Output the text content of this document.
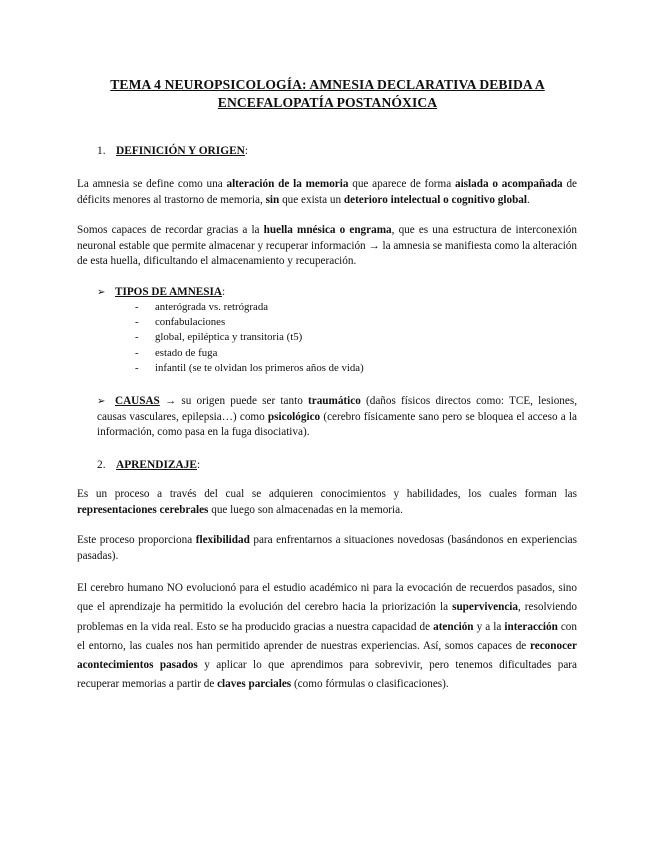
TEMA 4 NEUROPSICOLOGÍA: AMNESIA DECLARATIVA DEBIDA A
ENCEFALOPATÍA POSTANÓXICA
1. DEFINICIÓN Y ORIGEN:
La amnesia se define como una alteración de la memoria que aparece de forma aislada o acompañada de déficits menores al trastorno de memoria, sin que exista un deterioro intelectual o cognitivo global.
Somos capaces de recordar gracias a la huella mnésica o engrama, que es una estructura de interconexión neuronal estable que permite almacenar y recuperar información → la amnesia se manifiesta como la alteración de esta huella, dificultando el almacenamiento y recuperación.
➢ TIPOS DE AMNESIA:
- anterógrada vs. retrógrada
- confabulaciones
- global, epiléptica y transitoria (t5)
- estado de fuga
- infantil (se te olvidan los primeros años de vida)
➢ CAUSAS → su origen puede ser tanto traumático (daños físicos directos como: TCE, lesiones, causas vasculares, epilepsia…) como psicológico (cerebro físicamente sano pero se bloquea el acceso a la información, como pasa en la fuga disociativa).
2. APRENDIZAJE:
Es un proceso a través del cual se adquieren conocimientos y habilidades, los cuales forman las representaciones cerebrales que luego son almacenadas en la memoria.
Este proceso proporciona flexibilidad para enfrentarnos a situaciones novedosas (basándonos en experiencias pasadas).
El cerebro humano NO evolucionó para el estudio académico ni para la evocación de recuerdos pasados, sino que el aprendizaje ha permitido la evolución del cerebro hacia la priorización la supervivencia, resolviendo problemas en la vida real. Esto se ha producido gracias a nuestra capacidad de atención y a la interacción con el entorno, las cuales nos han permitido aprender de nuestras experiencias. Así, somos capaces de reconocer acontecimientos pasados y aplicar lo que aprendimos para sobrevivir, pero tenemos dificultades para recuperar memorias a partir de claves parciales (como fórmulas o clasificaciones).
